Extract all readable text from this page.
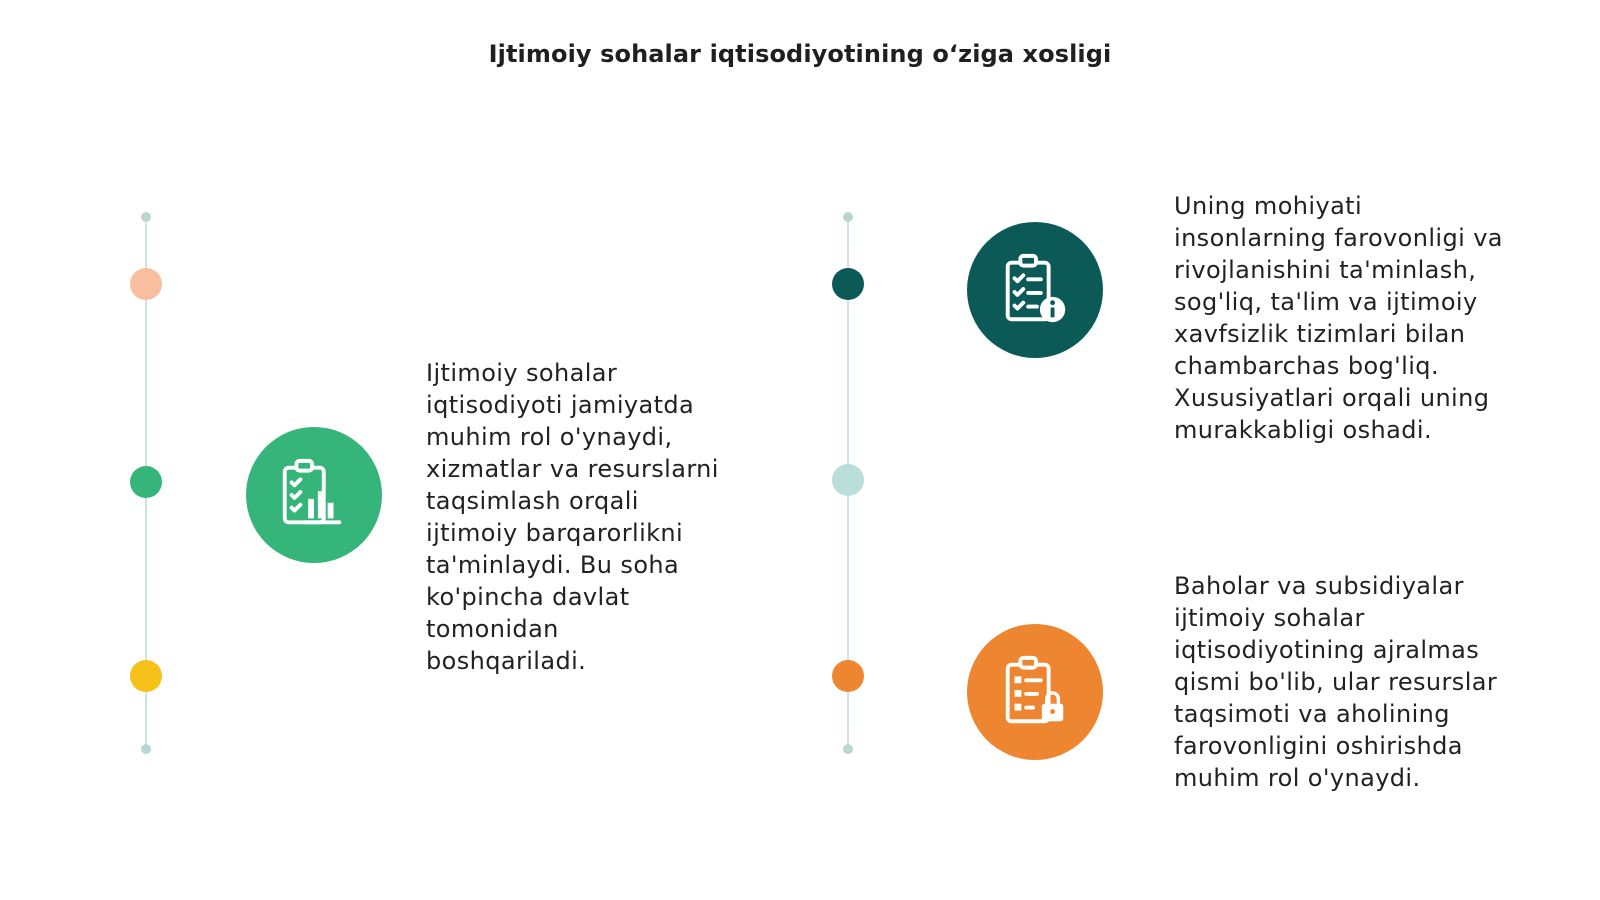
Ijtimoiy sohalar iqtisodiyotining o‘ziga xosligi
Ijtimoiy sohalar
iqtisodiyoti jamiyatda
muhim rol o'ynaydi,
xizmatlar va resurslarni
taqsimlash orqali
ijtimoiy barqarorlikni
ta'minlaydi. Bu soha
ko'pincha davlat
tomonidan
boshqariladi.
Uning mohiyati
insonlarning farovonligi va
rivojlanishini ta'minlash,
sog'liq, ta'lim va ijtimoiy
xavfsizlik tizimlari bilan
chambarchas bog'liq.
Xususiyatlari orqali uning
murakkabligi oshadi.
Baholar va subsidiyalar
ijtimoiy sohalar
iqtisodiyotining ajralmas
qismi bo'lib, ular resurslar
taqsimoti va aholining
farovonligini oshirishda
muhim rol o'ynaydi.
